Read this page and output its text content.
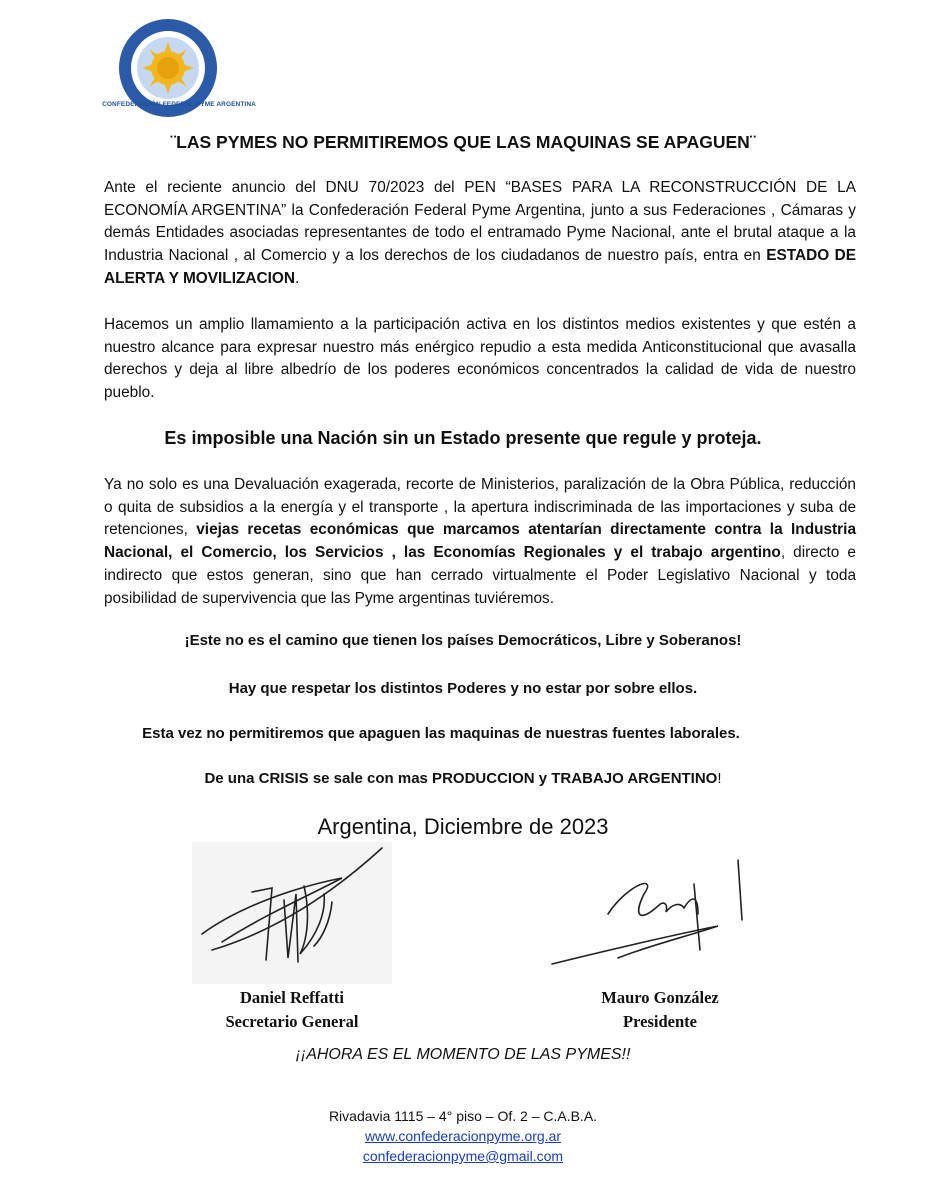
CONFEDERACIÓN FEDERAL PYME ARGENTINA
¨LAS PYMES NO PERMITIREMOS QUE LAS MAQUINAS SE APAGUEN¨

Ante el reciente anuncio del DNU 70/2023 del PEN “BASES PARA LA RECONSTRUCCIÓN DE LA ECONOMÍA ARGENTINA” la Confederación Federal Pyme Argentina, junto a sus Federaciones , Cámaras y demás Entidades asociadas representantes de todo el entramado Pyme Nacional, ante el brutal ataque a la Industria Nacional , al Comercio y a los derechos de los ciudadanos de nuestro país, entra en ESTADO DE ALERTA Y MOVILIZACION.

Hacemos un amplio llamamiento a la participación activa en los distintos medios existentes y que estén a nuestro alcance para expresar nuestro más enérgico repudio a esta medida Anticonstitucional que avasalla derechos y deja al libre albedrío de los poderes económicos concentrados la calidad de vida de nuestro pueblo.

Es imposible una Nación sin un Estado presente que regule y proteja.

Ya no solo es una Devaluación exagerada, recorte de Ministerios, paralización de la Obra Pública, reducción o quita de subsidios a la energía y el transporte , la apertura indiscriminada de las importaciones y suba de retenciones, viejas recetas económicas que marcamos atentarían directamente contra la Industria Nacional, el Comercio, los Servicios , las Economías Regionales y el trabajo argentino, directo e indirecto que estos generan, sino que han cerrado virtualmente el Poder Legislativo Nacional y toda posibilidad de supervivencia que las Pyme argentinas tuviéremos.

¡Este no es el camino que tienen los países Democráticos, Libre y Soberanos!
Hay que respetar los distintos Poderes y no estar por sobre ellos.
Esta vez no permitiremos que apaguen las maquinas de nuestras fuentes laborales.
De una CRISIS se sale con mas PRODUCCION y TRABAJO ARGENTINO!
Argentina, Diciembre de 2023
Daniel Reffatti
Secretario General
Mauro González
Presidente
¡¡AHORA ES EL MOMENTO DE LAS PYMES!!
Rivadavia 1115 – 4° piso – Of. 2 – C.A.B.A.
www.confederacionpyme.org.ar
confederacionpyme@gmail.com
